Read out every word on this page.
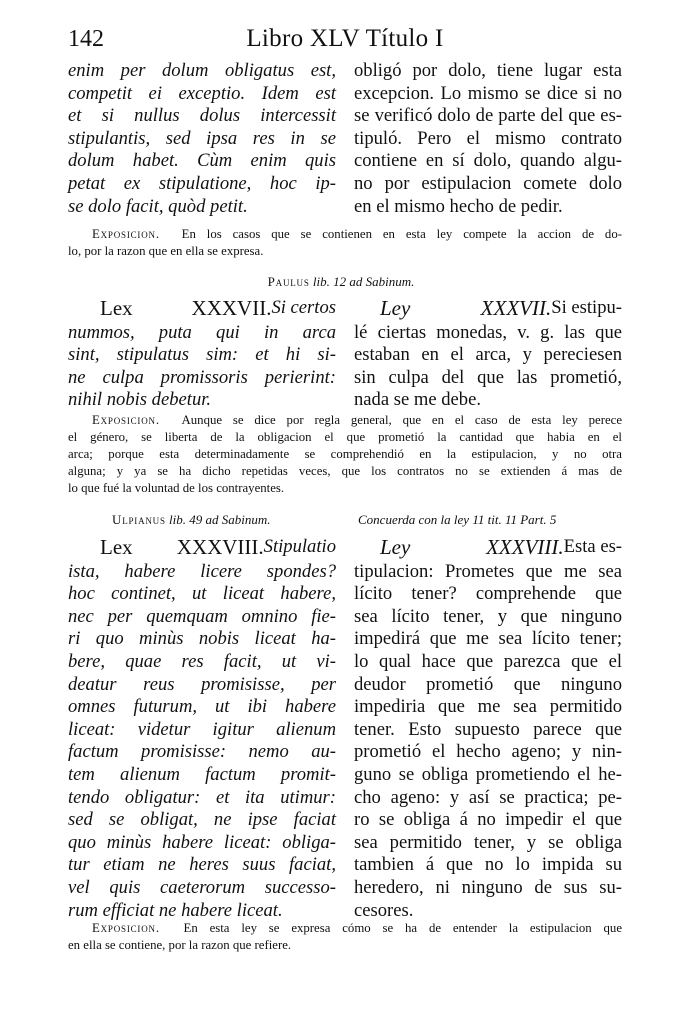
142	Libro XLV Título I
enim per dolum obligatus est,
competit ei exceptio. Idem est
et si nullus dolus intercessit
stipulantis, sed ipsa res in se
dolum habet. Cùm enim quis
petat ex stipulatione, hoc ip-
se dolo facit, quòd petit.
obligó por dolo, tiene lugar esta
excepcion. Lo mismo se dice si no
se verificó dolo de parte del que es-
tipuló. Pero el mismo contrato
contiene en sí dolo, quando algu-
no por estipulacion comete dolo
en el mismo hecho de pedir.
Exposicion. En los casos que se contienen en esta ley compete la accion de do-
lo, por la razon que en ella se expresa.
Paulus lib. 12 ad Sabinum.
Lex XXXVII. Si certos
nummos, puta qui in arca
sint, stipulatus sim: et hi si-
ne culpa promissoris perierint:
nihil nobis debetur.
Ley XXXVII. Si estipu-
lé ciertas monedas, v. g. las que
estaban en el arca, y pereciesen
sin culpa del que las prometió,
nada se me debe.
Exposicion. Aunque se dice por regla general, que en el caso de esta ley perece
el género, se liberta de la obligacion el que prometió la cantidad que habia en el
arca; porque esta determinadamente se comprehendió en la estipulacion, y no otra
alguna; y ya se ha dicho repetidas veces, que los contratos no se extienden á mas de
lo que fué la voluntad de los contrayentes.
Ulpianus lib. 49 ad Sabinum.	Concuerda con la ley 11 tit. 11 Part. 5
Lex XXXVIII. Stipulatio
ista, habere licere spondes?
hoc continet, ut liceat habere,
nec per quemquam omnino fie-
ri quo minùs nobis liceat ha-
bere, quae res facit, ut vi-
deatur reus promisisse, per
omnes futurum, ut ibi habere
liceat: videtur igitur alienum
factum promisisse: nemo au-
tem alienum factum promit-
tendo obligatur: et ita utimur:
sed se obligat, ne ipse faciat
quo minùs habere liceat: obliga-
tur etiam ne heres suus faciat,
vel quis caeterorum successo-
rum efficiat ne habere liceat.
Ley XXXVIII. Esta es-
tipulacion: Prometes que me sea
lícito tener? comprehende que
sea lícito tener, y que ninguno
impedirá que me sea lícito tener;
lo qual hace que parezca que el
deudor prometió que ninguno
impediria que me sea permitido
tener. Esto supuesto parece que
prometió el hecho ageno; y nin-
guno se obliga prometiendo el he-
cho ageno: y así se practica; pe-
ro se obliga á no impedir el que
sea permitido tener, y se obliga
tambien á que no lo impida su
heredero, ni ninguno de sus su-
cesores.
Exposicion. En esta ley se expresa cómo se ha de entender la estipulacion que
en ella se contiene, por la razon que refiere.
